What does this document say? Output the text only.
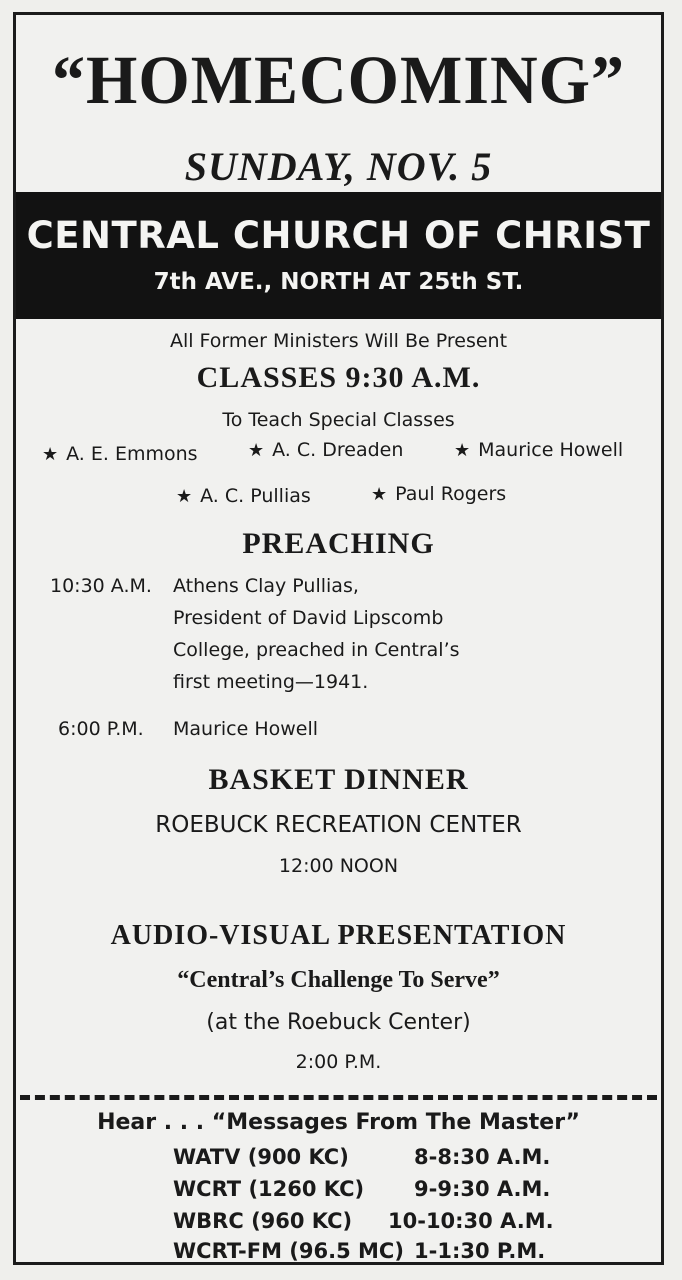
“HOMECOMING”
SUNDAY, NOV. 5
CENTRAL CHURCH OF CHRIST
7th AVE., NORTH AT 25th ST.
All Former Ministers Will Be Present
CLASSES 9:30 A.M.
To Teach Special Classes
★ A. E. Emmons	★ A. C. Dreaden	★ Maurice Howell
★ A. C. Pullias	★ Paul Rogers
PREACHING
10:30 A.M. Athens Clay Pullias,
President of David Lipscomb
College, preached in Central’s
first meeting—1941.
6:00 P.M. Maurice Howell
BASKET DINNER
ROEBUCK RECREATION CENTER
12:00 NOON
AUDIO-VISUAL PRESENTATION
“Central’s Challenge To Serve”
(at the Roebuck Center)
2:00 P.M.
Hear . . . “Messages From The Master”
WATV (900 KC)	8-8:30 A.M.
WCRT (1260 KC) 9-9:30 A.M.
WBRC (960 KC) 10-10:30 A.M.
WCRT-FM (96.5 MC) 1-1:30 P.M.
